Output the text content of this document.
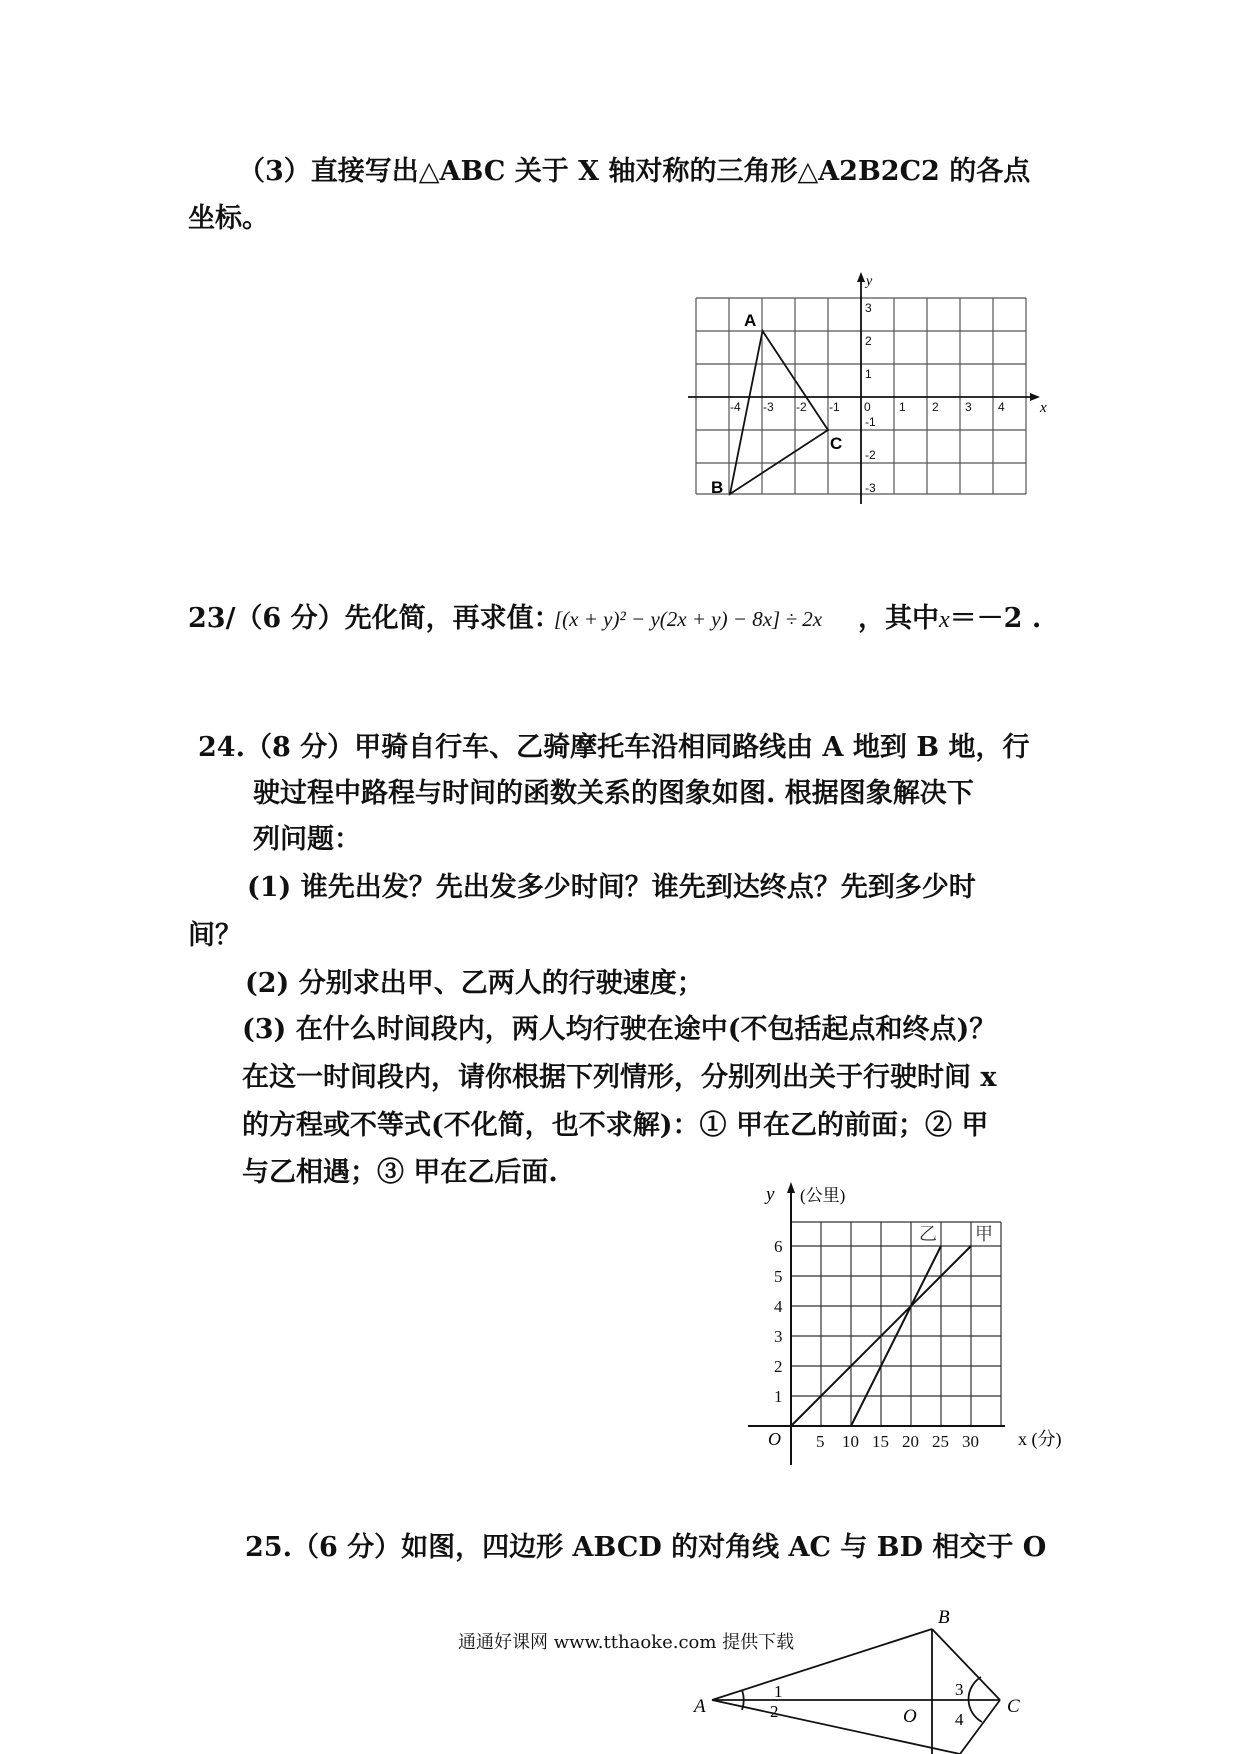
（3）直接写出△ABC 关于 X 轴对称的三角形△A2B2C2 的各点
坐标。
x
y
-4 -3 -2 -1 0 1 2 3 4
3
2
1
-1
-2
-3
A
B
C
23/（6 分）先化简，再求值：
[(x + y)² − y(2x + y) − 8x] ÷ 2x ，其中x＝－2 .
24.（8 分）甲骑自行车、乙骑摩托车沿相同路线由 A 地到 B 地，行
驶过程中路程与时间的函数关系的图象如图. 根据图象解决下
列问题：
(1) 谁先出发？先出发多少时间？谁先到达终点？先到多少时
间？
(2) 分别求出甲、乙两人的行驶速度；
(3) 在什么时间段内，两人均行驶在途中(不包括起点和终点)？
在这一时间段内，请你根据下列情形，分别列出关于行驶时间 x
的方程或不等式(不化简，也不求解)：① 甲在乙的前面；② 甲
与乙相遇；③ 甲在乙后面.
y (公里)
x (分)
O 5 10 15 20 25 30
1
2
3
4
5
6
甲
乙
25.（6 分）如图，四边形 ABCD 的对角线 AC 与 BD 相交于 O
通通好课网 www.tthaoke.com 提供下载
A
B
C
O
1
2
3
4
